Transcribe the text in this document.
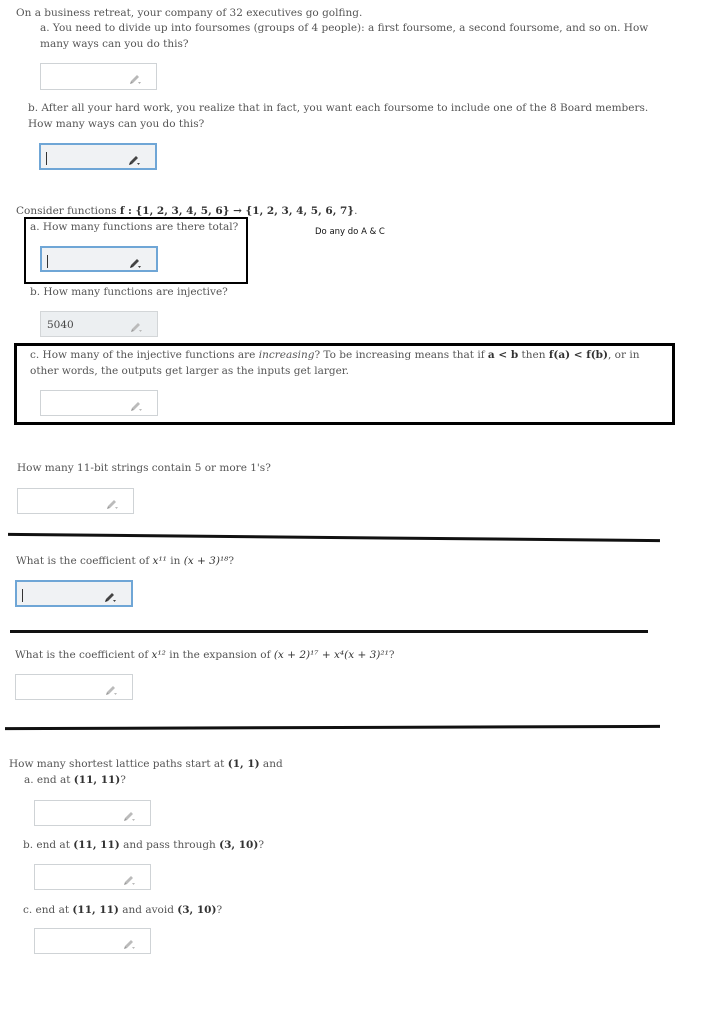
On a business retreat, your company of 32 executives go golfing.
a. You need to divide up into foursomes (groups of 4 people): a first foursome, a second foursome, and so on. How many ways can you do this?
b. After all your hard work, you realize that in fact, you want each foursome to include one of the 8 Board members. How many ways can you do this?
Consider functions f : {1, 2, 3, 4, 5, 6} → {1, 2, 3, 4, 5, 6, 7}.
a. How many functions are there total?	Do any do A & C
b. How many functions are injective?
5040
c. How many of the injective functions are increasing? To be increasing means that if a < b then f(a) < f(b), or in other words, the outputs get larger as the inputs get larger.
How many 11-bit strings contain 5 or more 1's?
What is the coefficient of x¹¹ in (x + 3)¹⁸?
What is the coefficient of x¹² in the expansion of (x + 2)¹⁷ + x⁴(x + 3)²¹?
How many shortest lattice paths start at (1, 1) and
a. end at (11, 11)?
b. end at (11, 11) and pass through (3, 10)?
c. end at (11, 11) and avoid (3, 10)?
